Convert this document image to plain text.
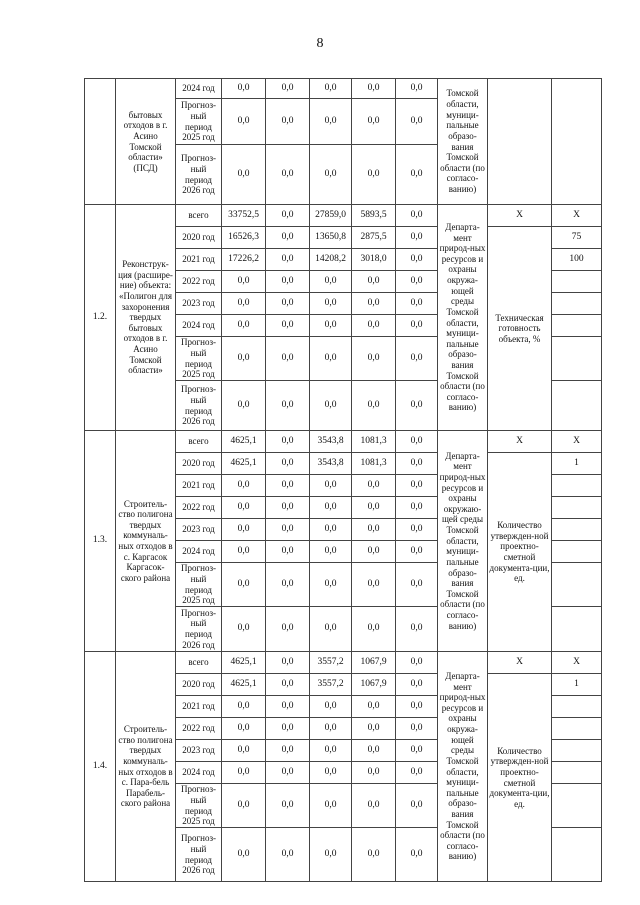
8
	бытовых отходов в г. Асино Томской области» (ПСД)	2024 год	0,0	0,0	0,0	0,0	0,0	Томской области, муници-пальные образо-вания Томской области (по согласо-ванию)		
		Прогноз-ный период 2025 год	0,0	0,0	0,0	0,0	0,0			
		Прогноз-ный период 2026 год	0,0	0,0	0,0	0,0	0,0			
1.2.	Реконструк-ция (расшире-ние) объекта: «Полигон для захоронения твердых бытовых отходов в г. Асино Томской области»	всего	33752,5	0,0	27859,0	5893,5	0,0	Департа-мент природ-ных ресурсов и охраны окружа-ющей среды Томской области, муници-пальные образо-вания Томской области (по согласо-ванию)	Х	Х
		2020 год	16526,3	0,0	13650,8	2875,5	0,0		Техническая готовность объекта, %	75
		2021 год	17226,2	0,0	14208,2	3018,0	0,0			100
		2022 год	0,0	0,0	0,0	0,0	0,0			
		2023 год	0,0	0,0	0,0	0,0	0,0			
		2024 год	0,0	0,0	0,0	0,0	0,0			
		Прогноз-ный период 2025 год	0,0	0,0	0,0	0,0	0,0			
		Прогноз-ный период 2026 год	0,0	0,0	0,0	0,0	0,0			
1.3.	Строитель-ство полигона твердых коммуналь-ных отходов в с. Каргасок Каргасок-ского района	всего	4625,1	0,0	3543,8	1081,3	0,0	Департа-мент природ-ных ресурсов и охраны окружаю-щей среды Томской области, муници-пальные образо-вания Томской области (по согласо-ванию)	Х	Х
		2020 год	4625,1	0,0	3543,8	1081,3	0,0		Количество утвержден-ной проектно-сметной документа-ции, ед.	1
		2021 год	0,0	0,0	0,0	0,0	0,0			
		2022 год	0,0	0,0	0,0	0,0	0,0			
		2023 год	0,0	0,0	0,0	0,0	0,0			
		2024 год	0,0	0,0	0,0	0,0	0,0			
		Прогноз-ный период 2025 год	0,0	0,0	0,0	0,0	0,0			
		Прогноз-ный период 2026 год	0,0	0,0	0,0	0,0	0,0			
1.4.	Строитель-ство полигона твердых коммуналь-ных отходов в с. Пара-бель Парабель-ского района	всего	4625,1	0,0	3557,2	1067,9	0,0	Департа-мент природ-ных ресурсов и охраны окружа-ющей среды Томской области, муници-пальные образо-вания Томской области (по согласо-ванию)	Х	Х
		2020 год	4625,1	0,0	3557,2	1067,9	0,0		Количество утвержден-ной проектно-сметной документа-ции, ед.	1
		2021 год	0,0	0,0	0,0	0,0	0,0			
		2022 год	0,0	0,0	0,0	0,0	0,0			
		2023 год	0,0	0,0	0,0	0,0	0,0			
		2024 год	0,0	0,0	0,0	0,0	0,0			
		Прогноз-ный период 2025 год	0,0	0,0	0,0	0,0	0,0			
		Прогноз-ный период 2026 год	0,0	0,0	0,0	0,0	0,0			
